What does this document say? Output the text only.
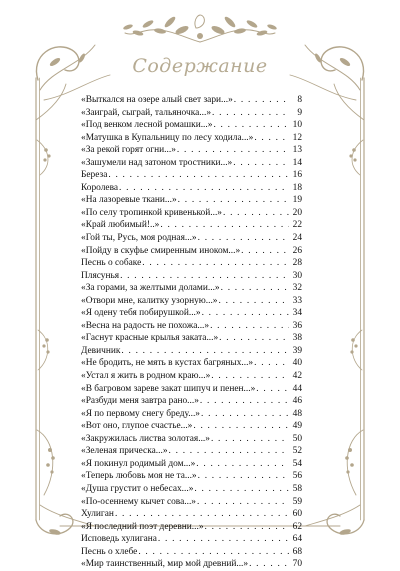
Содержание
«Выткался на озере алый свет зари...» . . .	8
«Заиграй, сыграй, тальяночка...» . . .	9
«Под венком лесной ромашки...» . . .	10
«Матушка в Купальницу по лесу ходила...» . . .	12
«За рекой горят огни...» . . .	13
«Зашумели над затоном тростники...» . . .	14
Береза . . .	16
Королева . . .	18
«На лазоревые ткани...» . . .	19
«По селу тропинкой кривенькой...» . . .	20
«Край любимый!..» . . .	22
«Гой ты, Русь, моя родная...» . . .	24
«Пойду в скуфье смиренным иноком...» . . .	26
Песнь о собаке . . .	28
Плясунья . . .	30
«За горами, за желтыми долами...» . . .	32
«Отвори мне, калитку узорную...» . . .	33
«Я одену тебя побирушкой...» . . .	34
«Весна на радость не похожа...» . . .	36
«Гаснут красные крылья заката...» . . .	38
Девичник . . .	39
«Не бродить, не мять в кустах багряных...» . . .	40
«Устал я жить в родном краю...» . . .	42
«В багровом зареве закат шипуч и пенен...» . . .	44
«Разбуди меня завтра рано...» . . .	46
«Я по первому снегу бреду...» . . .	48
«Вот оно, глупое счастье...» . . .	49
«Закружилась листва золотая...» . . .	50
«Зеленая прическа...» . . .	52
«Я покинул родимый дом...» . . .	54
«Теперь любовь моя не та...» . . .	56
«Душа грустит о небесах...» . . .	58
«По-осеннему кычет сова...» . . .	59
Хулиган . . .	60
«Я последний поэт деревни...» . . .	62
Исповедь хулигана . . .	64
Песнь о хлебе . . .	68
«Мир таинственный, мир мой древний...» . . .	70
